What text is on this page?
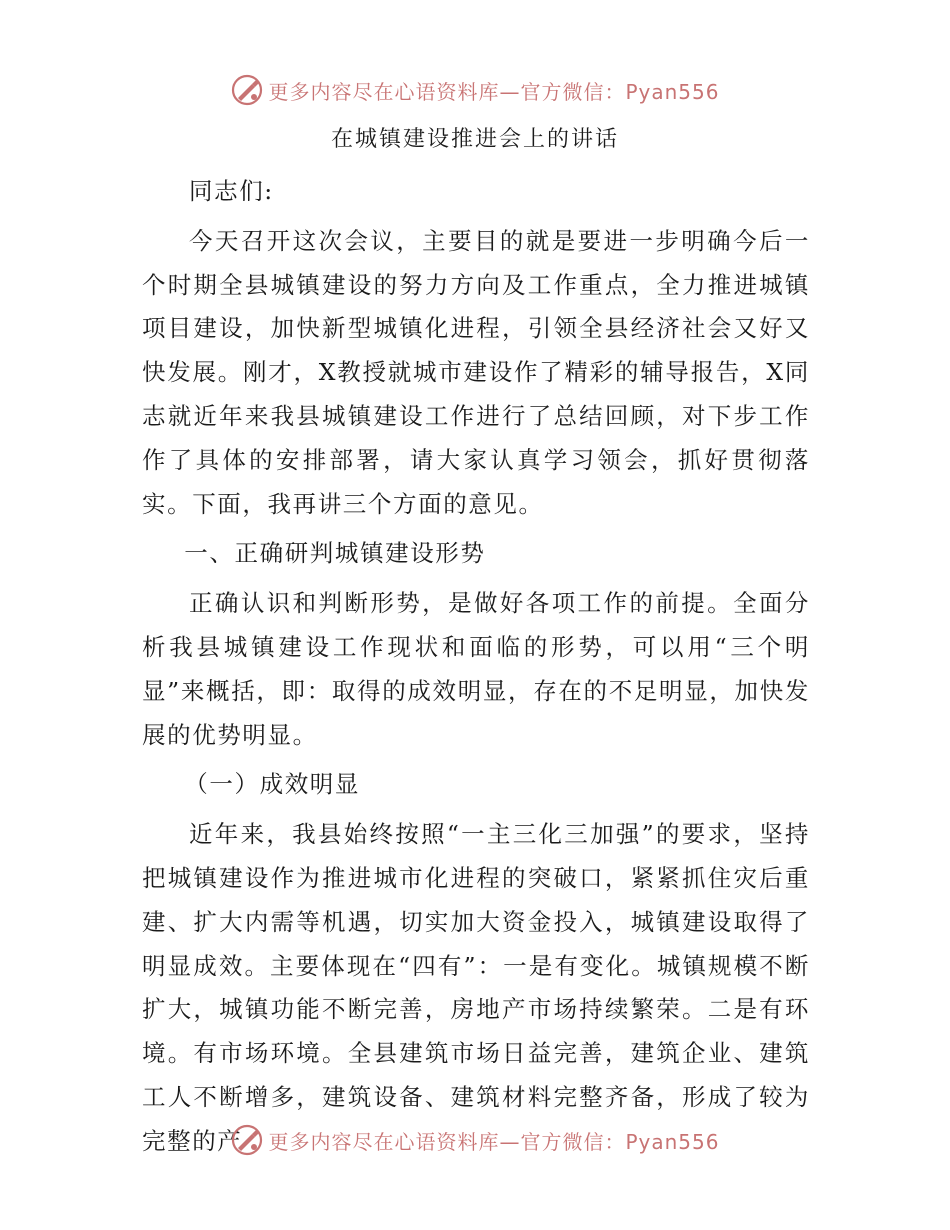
更多内容尽在心语资料库—官方微信：Pyan556
在城镇建设推进会上的讲话

同志们:

今天召开这次会议，主要目的就是要进一步明确今后一个时期全县城镇建设的努力方向及工作重点，全力推进城镇项目建设，加快新型城镇化进程，引领全县经济社会又好又快发展。刚才，X教授就城市建设作了精彩的辅导报告，X同志就近年来我县城镇建设工作进行了总结回顾，对下步工作作了具体的安排部署，请大家认真学习领会，抓好贯彻落实。下面，我再讲三个方面的意见。

一、正确研判城镇建设形势

正确认识和判断形势，是做好各项工作的前提。全面分析我县城镇建设工作现状和面临的形势，可以用“三个明显”来概括，即：取得的成效明显，存在的不足明显，加快发展的优势明显。

（一）成效明显

近年来，我县始终按照“一主三化三加强”的要求，坚持把城镇建设作为推进城市化进程的突破口，紧紧抓住灾后重建、扩大内需等机遇，切实加大资金投入，城镇建设取得了明显成效。主要体现在“四有”：一是有变化。城镇规模不断扩大，城镇功能不断完善，房地产市场持续繁荣。二是有环境。有市场环境。全县建筑市场日益完善，建筑企业、建筑工人不断增多，建筑设备、建筑材料完整齐备，形成了较为完整的产	更多内容尽在心语资料库—官方微信：Pyan556
